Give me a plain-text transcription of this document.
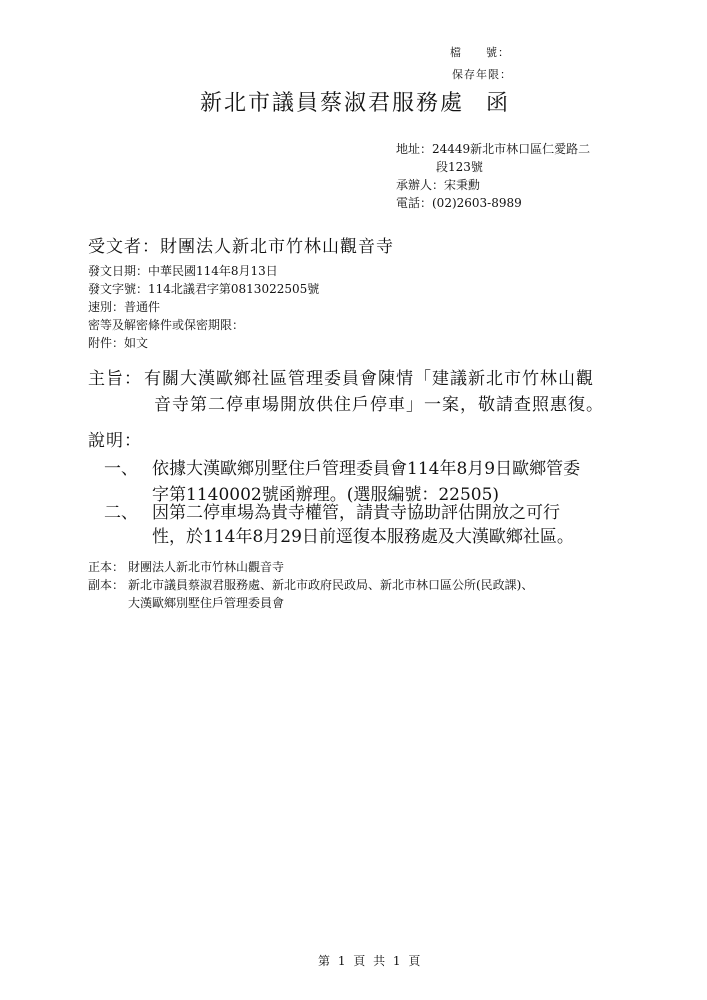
檔　　號：
保存年限：
新北市議員蔡淑君服務處 函
地址：24449新北市林口區仁愛路二
段123號
承辦人：宋秉勳
電話：(02)2603-8989
受文者：財團法人新北市竹林山觀音寺
發文日期：中華民國114年8月13日
發文字號：114北議君字第0813022505號
速別：普通件
密等及解密條件或保密期限：
附件：如文
主旨： 有關大漢歐鄉社區管理委員會陳情「建議新北市竹林山觀
音寺第二停車場開放供住戶停車」一案，敬請查照惠復。
說明：
一、 依據大漢歐鄉別墅住戶管理委員會114年8月9日歐鄉管委
字第1140002號函辦理。(選服編號：22505)
二、 因第二停車場為貴寺權管，請貴寺協助評估開放之可行
性，於114年8月29日前逕復本服務處及大漢歐鄉社區。
正本： 財團法人新北市竹林山觀音寺
副本： 新北市議員蔡淑君服務處、新北市政府民政局、新北市林口區公所(民政課)、
大漢歐鄉別墅住戶管理委員會
第 1 頁 共 1 頁
